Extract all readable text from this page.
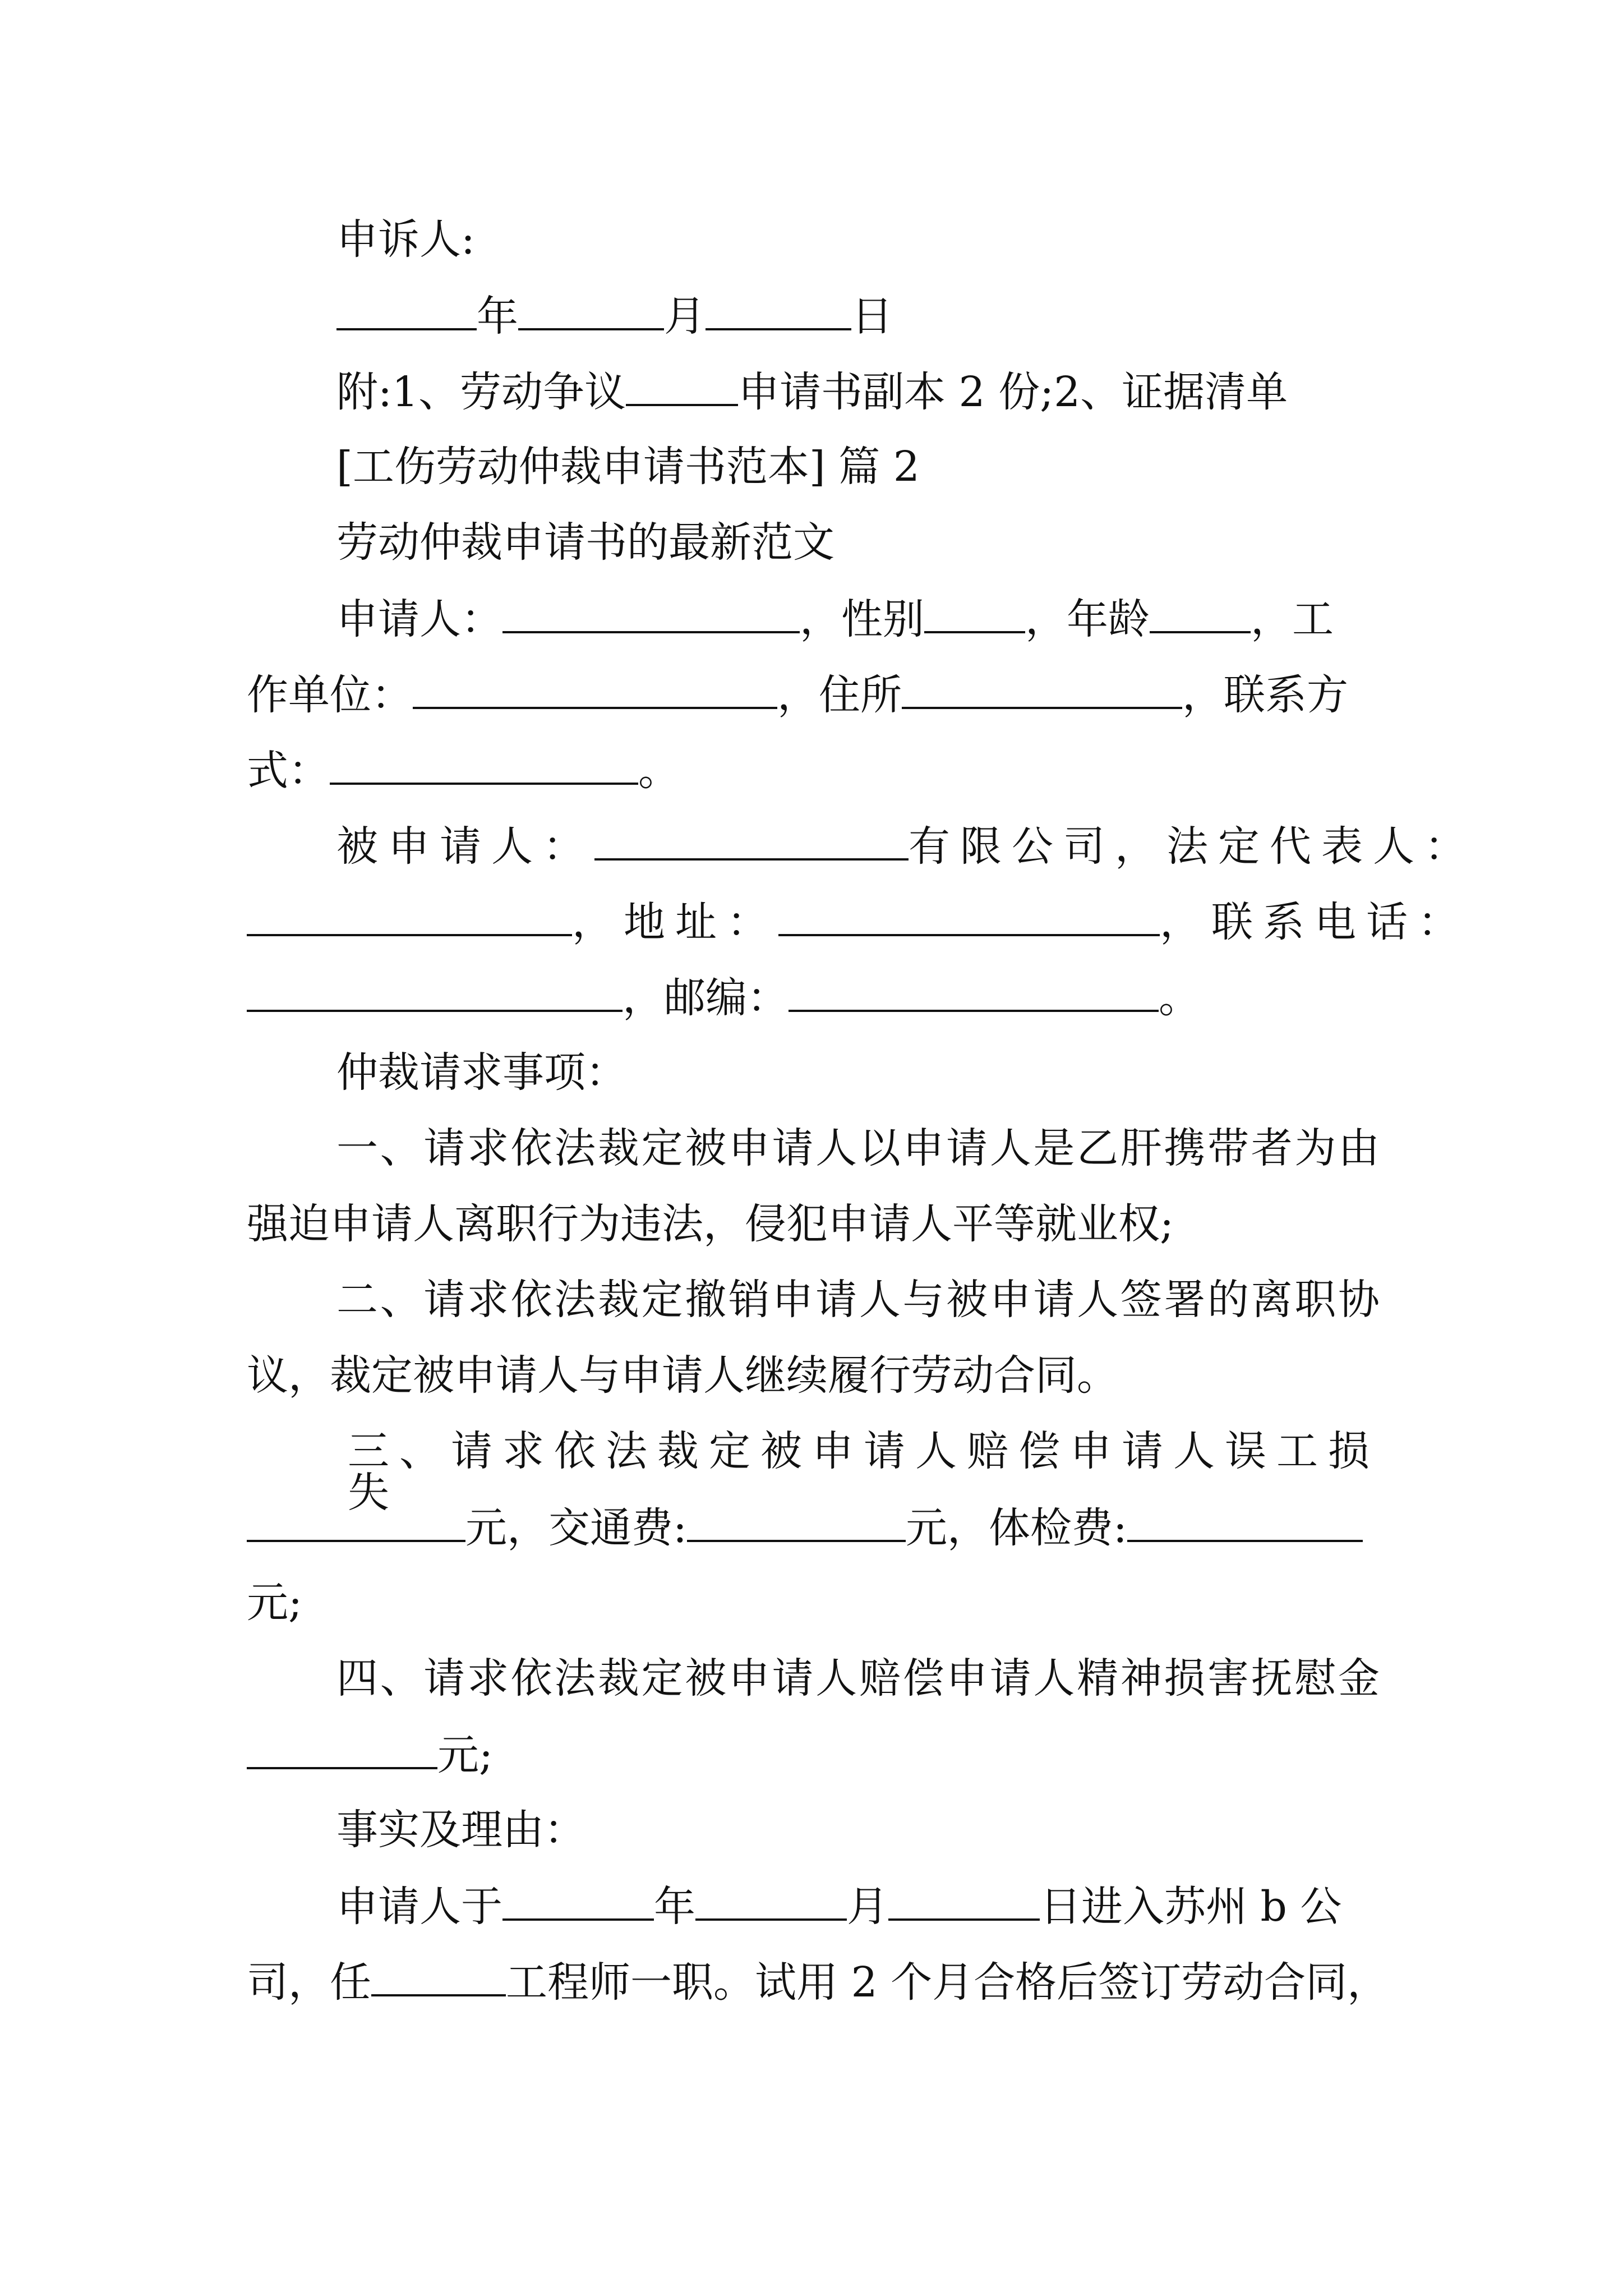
申诉人:
年	月	日
附:1、劳动争议	申请书副本 2 份;2、证据清单
[工伤劳动仲裁申请书范本] 篇 2
劳动仲裁申请书的最新范文
申请人：	，性别 ，年龄 ，工
作单位：	，住所	，联系方
式：	。
被申请人：	有限公司，法定代表人：
，地址：	，联系电话：
，邮编：	。
仲裁请求事项：
一、请求依法裁定被申请人以申请人是乙肝携带者为由
强迫申请人离职行为违法，侵犯申请人平等就业权;
二、请求依法裁定撤销申请人与被申请人签署的离职协
议，裁定被申请人与申请人继续履行劳动合同。
三、请求依法裁定被申请人赔偿申请人误工损失
元，交通费:	元，体检费:
元;
四、请求依法裁定被申请人赔偿申请人精神损害抚慰金
元;
事实及理由：
申请人于	年	月	日进入苏州 b 公
司，任	工程师一职。试用 2 个月合格后签订劳动合同，
